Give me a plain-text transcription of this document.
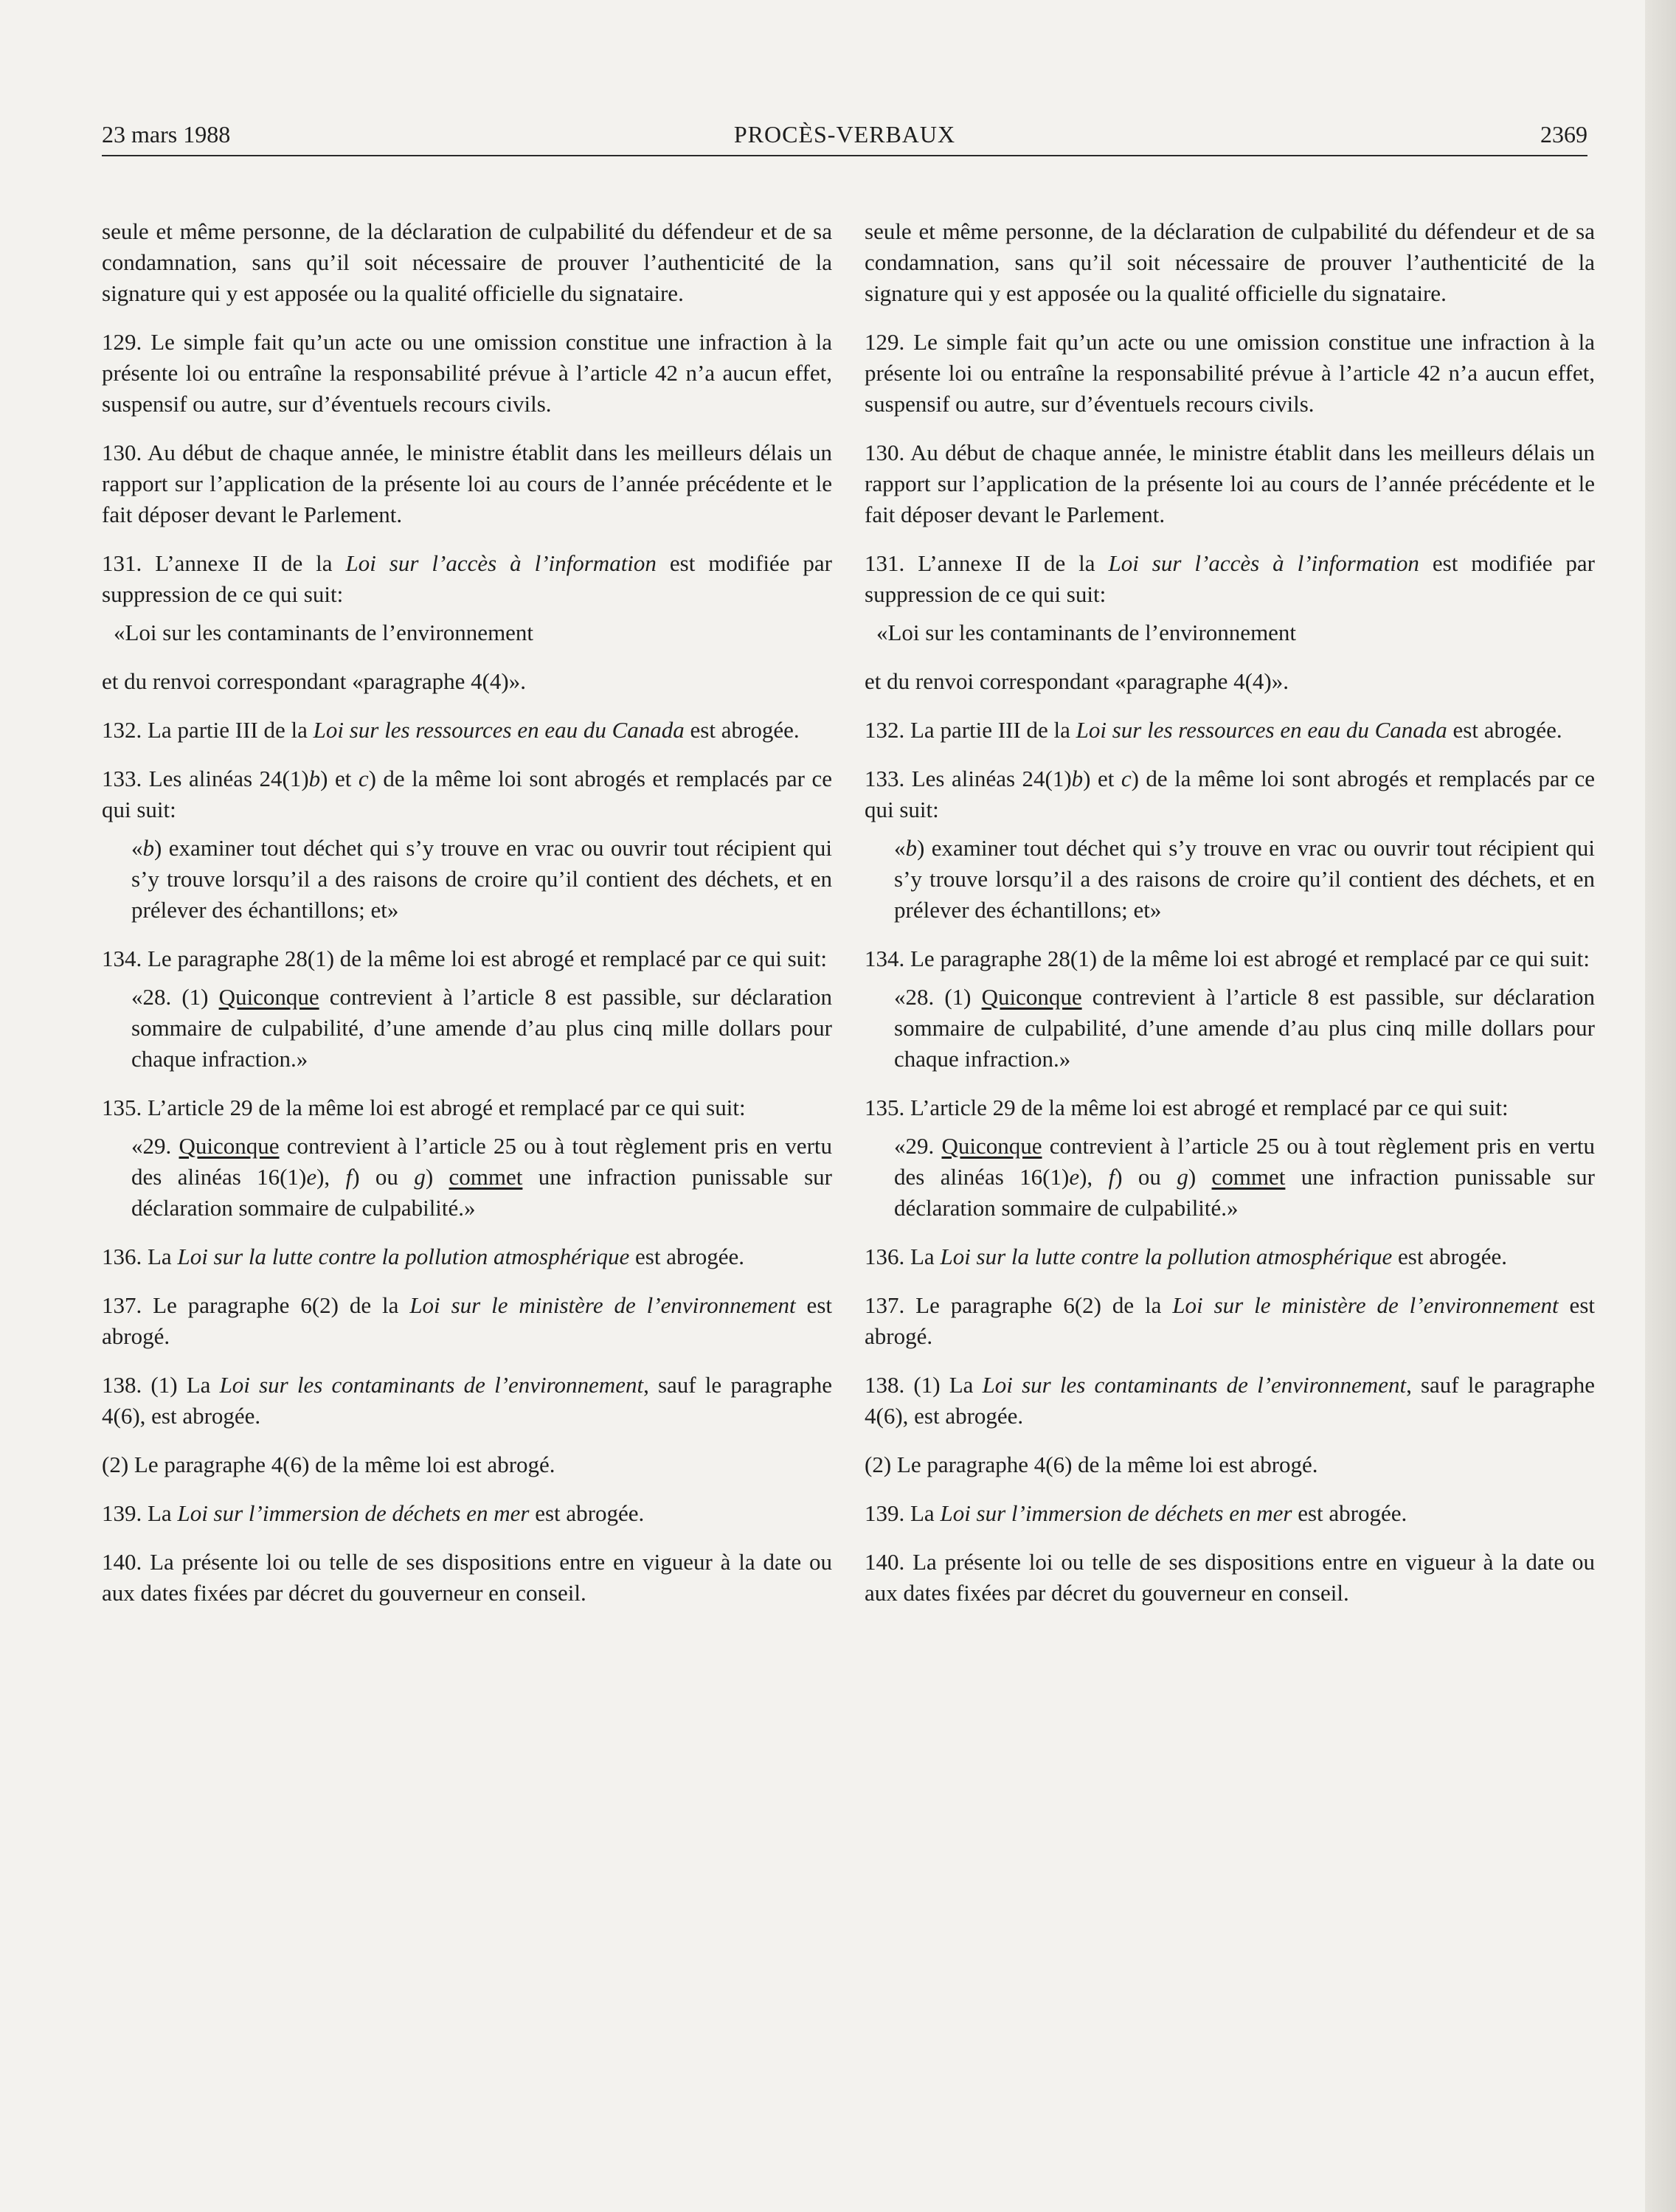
23 mars 1988	PROCÈS-VERBAUX	2369

seule et même personne, de la déclaration de culpabilité du défendeur et de sa condamnation, sans qu’il soit nécessaire de prouver l’authenticité de la signature qui y est apposée ou la qualité officielle du signataire.

129. Le simple fait qu’un acte ou une omission constitue une infraction à la présente loi ou entraîne la responsabilité prévue à l’article 42 n’a aucun effet, suspensif ou autre, sur d’éventuels recours civils.

130. Au début de chaque année, le ministre établit dans les meilleurs délais un rapport sur l’application de la présente loi au cours de l’année précédente et le fait déposer devant le Parlement.

131. L’annexe II de la Loi sur l’accès à l’information est modifiée par suppression de ce qui suit:

«Loi sur les contaminants de l’environnement

et du renvoi correspondant «paragraphe 4(4)».

132. La partie III de la Loi sur les ressources en eau du Canada est abrogée.

133. Les alinéas 24(1)b) et c) de la même loi sont abrogés et remplacés par ce qui suit:

«b) examiner tout déchet qui s’y trouve en vrac ou ouvrir tout récipient qui s’y trouve lorsqu’il a des raisons de croire qu’il contient des déchets, et en prélever des échantillons; et»

134. Le paragraphe 28(1) de la même loi est abrogé et remplacé par ce qui suit:

«28. (1) Quiconque contrevient à l’article 8 est passible, sur déclaration sommaire de culpabilité, d’une amende d’au plus cinq mille dollars pour chaque infraction.»

135. L’article 29 de la même loi est abrogé et remplacé par ce qui suit:

«29. Quiconque contrevient à l’article 25 ou à tout règlement pris en vertu des alinéas 16(1)e), f) ou g) commet une infraction punissable sur déclaration sommaire de culpabilité.»

136. La Loi sur la lutte contre la pollution atmosphérique est abrogée.

137. Le paragraphe 6(2) de la Loi sur le ministère de l’environnement est abrogé.

138. (1) La Loi sur les contaminants de l’environnement, sauf le paragraphe 4(6), est abrogée.

(2) Le paragraphe 4(6) de la même loi est abrogé.

139. La Loi sur l’immersion de déchets en mer est abrogée.

140. La présente loi ou telle de ses dispositions entre en vigueur à la date ou aux dates fixées par décret du gouverneur en conseil.

seule et même personne, de la déclaration de culpabilité du défendeur et de sa condamnation, sans qu’il soit nécessaire de prouver l’authenticité de la signature qui y est apposée ou la qualité officielle du signataire.

129. Le simple fait qu’un acte ou une omission constitue une infraction à la présente loi ou entraîne la responsabilité prévue à l’article 42 n’a aucun effet, suspensif ou autre, sur d’éventuels recours civils.

130. Au début de chaque année, le ministre établit dans les meilleurs délais un rapport sur l’application de la présente loi au cours de l’année précédente et le fait déposer devant le Parlement.

131. L’annexe II de la Loi sur l’accès à l’information est modifiée par suppression de ce qui suit:

«Loi sur les contaminants de l’environnement

et du renvoi correspondant «paragraphe 4(4)».

132. La partie III de la Loi sur les ressources en eau du Canada est abrogée.

133. Les alinéas 24(1)b) et c) de la même loi sont abrogés et remplacés par ce qui suit:

«b) examiner tout déchet qui s’y trouve en vrac ou ouvrir tout récipient qui s’y trouve lorsqu’il a des raisons de croire qu’il contient des déchets, et en prélever des échantillons; et»

134. Le paragraphe 28(1) de la même loi est abrogé et remplacé par ce qui suit:

«28. (1) Quiconque contrevient à l’article 8 est passible, sur déclaration sommaire de culpabilité, d’une amende d’au plus cinq mille dollars pour chaque infraction.»

135. L’article 29 de la même loi est abrogé et remplacé par ce qui suit:

«29. Quiconque contrevient à l’article 25 ou à tout règlement pris en vertu des alinéas 16(1)e), f) ou g) commet une infraction punissable sur déclaration sommaire de culpabilité.»

136. La Loi sur la lutte contre la pollution atmosphérique est abrogée.

137. Le paragraphe 6(2) de la Loi sur le ministère de l’environnement est abrogé.

138. (1) La Loi sur les contaminants de l’environnement, sauf le paragraphe 4(6), est abrogée.

(2) Le paragraphe 4(6) de la même loi est abrogé.

139. La Loi sur l’immersion de déchets en mer est abrogée.

140. La présente loi ou telle de ses dispositions entre en vigueur à la date ou aux dates fixées par décret du gouverneur en conseil.
